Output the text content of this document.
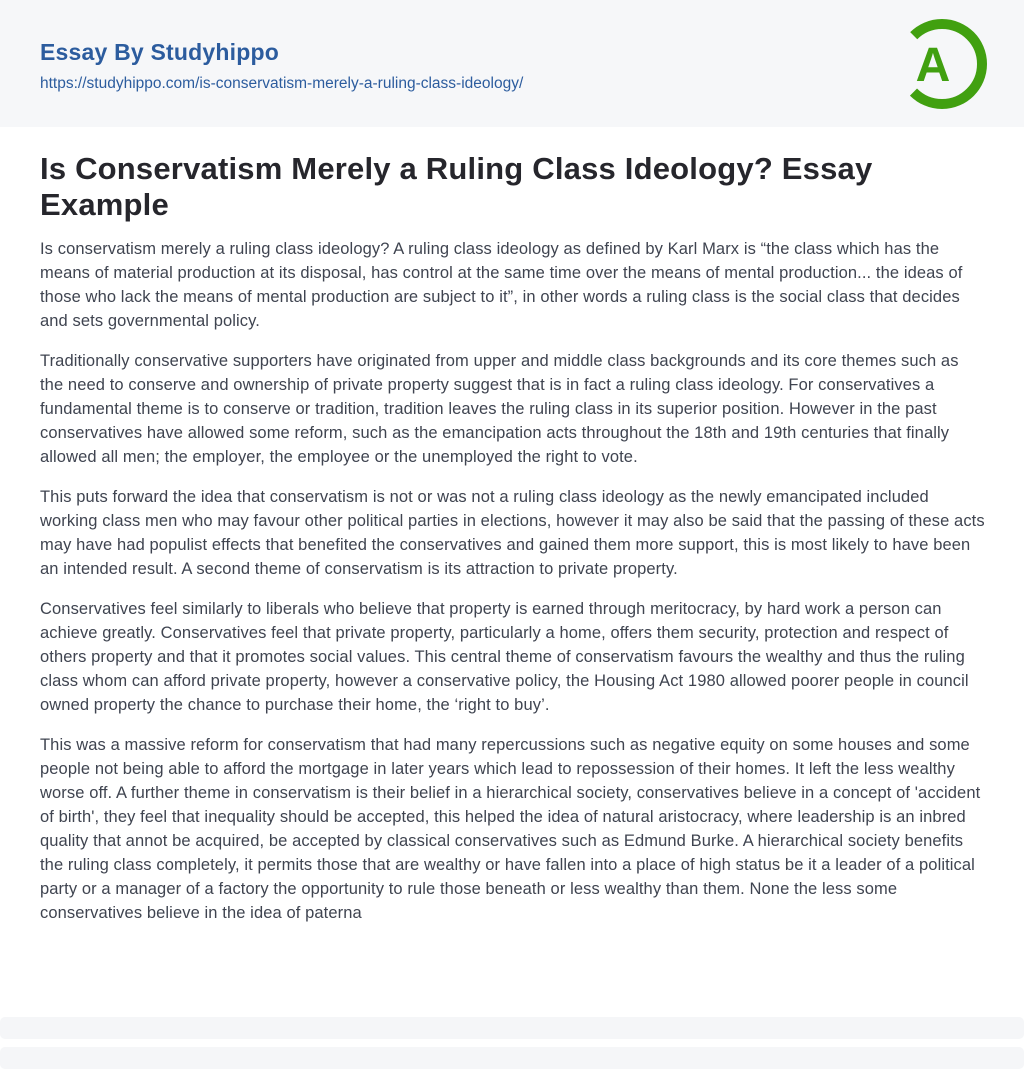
Essay By Studyhippo
https://studyhippo.com/is-conservatism-merely-a-ruling-class-ideology/	A
Is Conservatism Merely a Ruling Class Ideology? Essay Example

Is conservatism merely a ruling class ideology? A ruling class ideology as defined by Karl Marx is “the class which has the means of material production at its disposal, has control at the same time over the means of mental production... the ideas of those who lack the means of mental production are subject to it”, in other words a ruling class is the social class that decides and sets governmental policy.

Traditionally conservative supporters have originated from upper and middle class backgrounds and its core themes such as the need to conserve and ownership of private property suggest that is in fact a ruling class ideology. For conservatives a fundamental theme is to conserve or tradition, tradition leaves the ruling class in its superior position. However in the past conservatives have allowed some reform, such as the emancipation acts throughout the 18th and 19th centuries that finally allowed all men; the employer, the employee or the unemployed the right to vote.

This puts forward the idea that conservatism is not or was not a ruling class ideology as the newly emancipated included working class men who may favour other political parties in elections, however it may also be said that the passing of these acts may have had populist effects that benefited the conservatives and gained them more support, this is most likely to have been an intended result. A second theme of conservatism is its attraction to private property.

Conservatives feel similarly to liberals who believe that property is earned through meritocracy, by hard work a person can achieve greatly. Conservatives feel that private property, particularly a home, offers them security, protection and respect of others property and that it promotes social values. This central theme of conservatism favours the wealthy and thus the ruling class whom can afford private property, however a conservative policy, the Housing Act 1980 allowed poorer people in council owned property the chance to purchase their home, the ‘right to buy’.

This was a massive reform for conservatism that had many repercussions such as negative equity on some houses and some people not being able to afford the mortgage in later years which lead to repossession of their homes. It left the less wealthy worse off. A further theme in conservatism is their belief in a hierarchical society, conservatives believe in a concept of 'accident of birth', they feel that inequality should be accepted, this helped the idea of natural aristocracy, where leadership is an inbred quality that annot be acquired, be accepted by classical conservatives such as Edmund Burke. A hierarchical society benefits the ruling class completely, it permits those that are wealthy or have fallen into a place of high status be it a leader of a political party or a manager of a factory the opportunity to rule those beneath or less wealthy than them. None the less some conservatives believe in the idea of paterna
